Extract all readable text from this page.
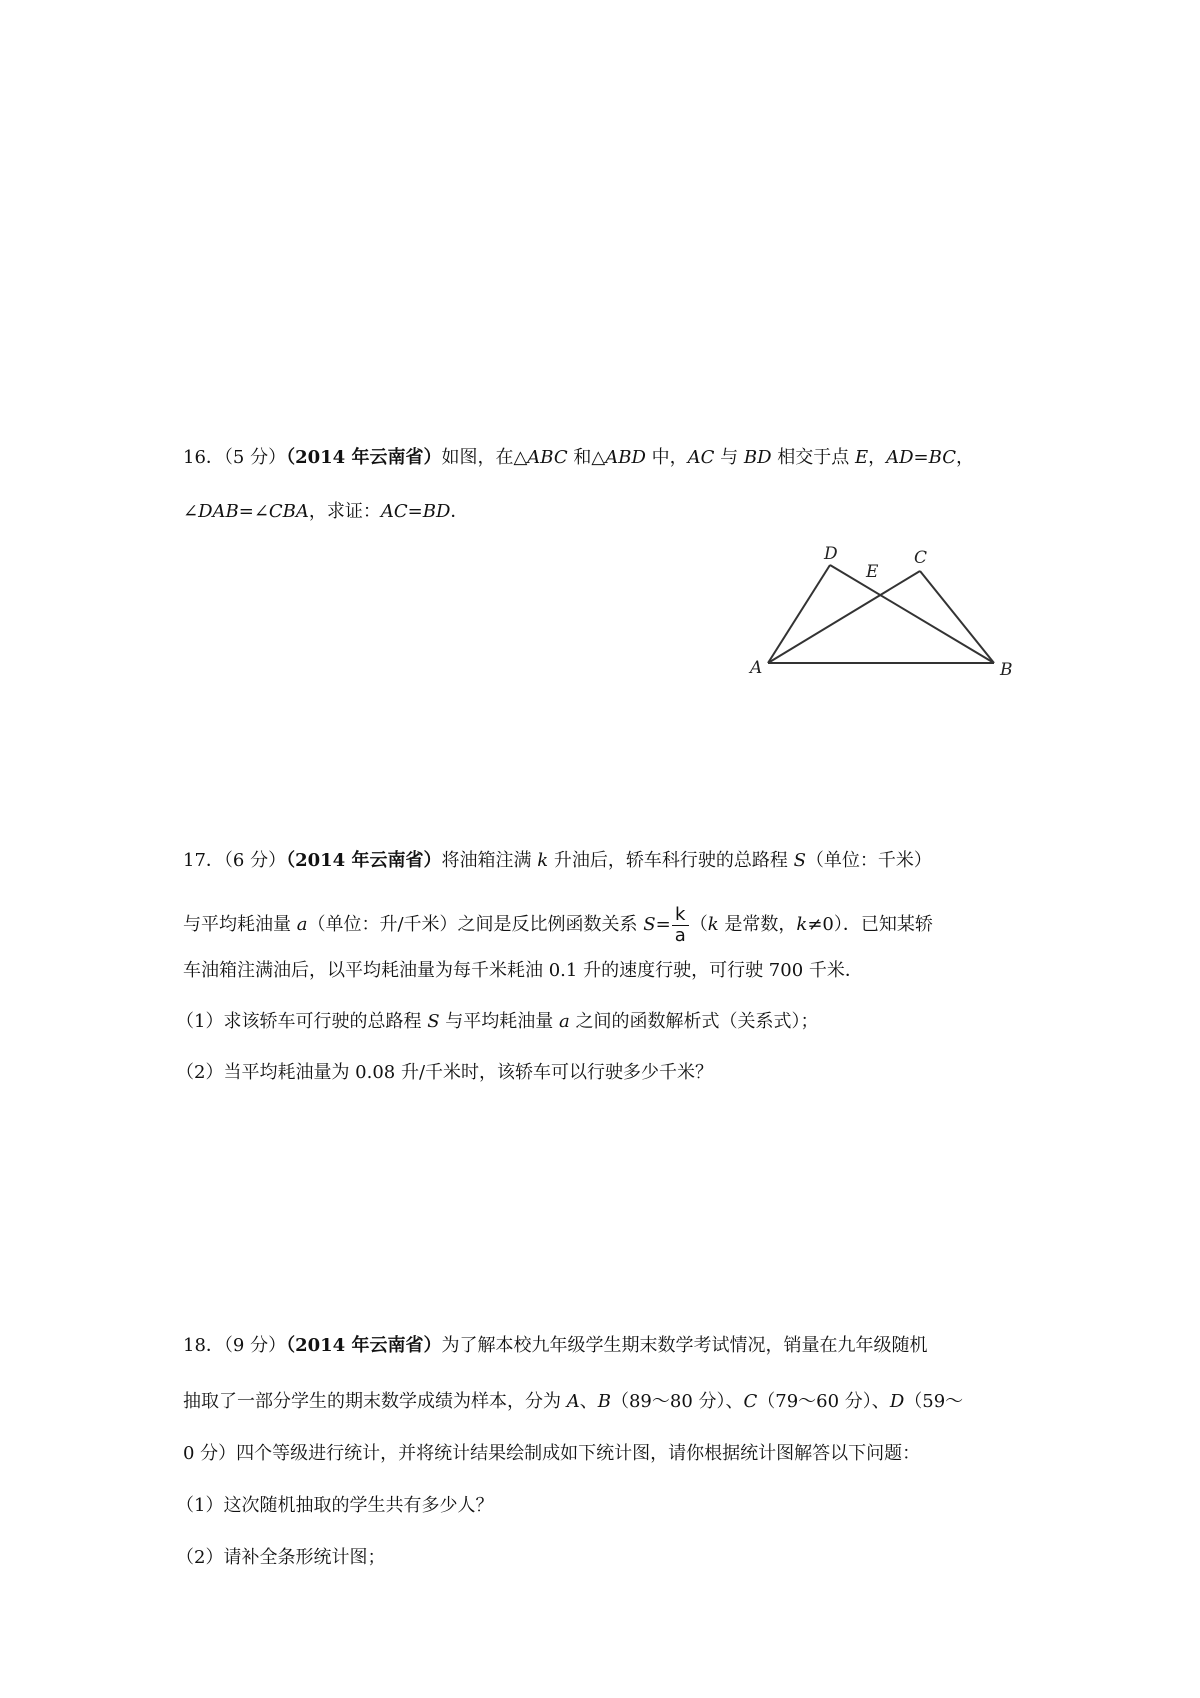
16．（5 分）（2014 年云南省）如图，在△ABC 和△ABD 中，AC 与 BD 相交于点 E，AD=BC，
∠DAB=∠CBA，求证：AC=BD．
A	B
C
D
E
17．（6 分）（2014 年云南省）将油箱注满 k 升油后，轿车科行驶的总路程 S（单位：千米）
与平均耗油量 a（单位：升/千米）之间是反比例函数关系 $S= \frac{k}{a} (k$ 是常数，k≠0）．已知某轿
车油箱注满油后，以平均耗油量为每千米耗油 0.1 升的速度行驶，可行驶 700 千米．
（1）求该轿车可行驶的总路程 S 与平均耗油量 a 之间的函数解析式（关系式）；
（2）当平均耗油量为 0.08 升/千米时，该轿车可以行驶多少千米？
18．（9 分）（2014 年云南省）为了解本校九年级学生期末数学考试情况，销量在九年级随机
抽取了一部分学生的期末数学成绩为样本，分为 A、B（89～80 分）、C（79～60 分）、D（59～
0 分）四个等级进行统计，并将统计结果绘制成如下统计图，请你根据统计图解答以下问题：
（1）这次随机抽取的学生共有多少人？
（2）请补全条形统计图；
